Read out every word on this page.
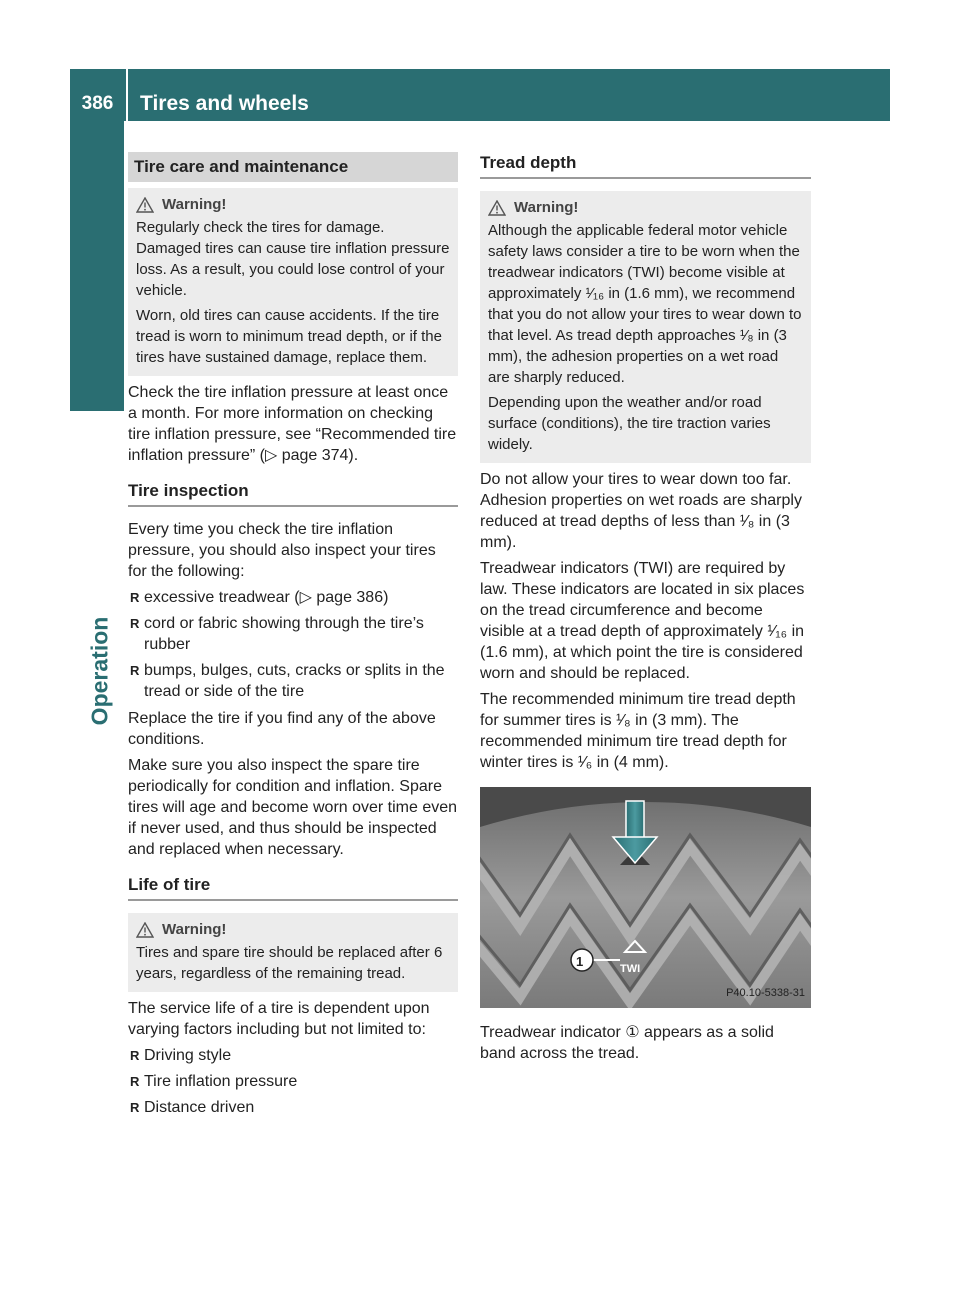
386	Tires and wheels
Operation
Tire care and maintenance
Warning!

Regularly check the tires for damage. Damaged tires can cause tire inflation pressure loss. As a result, you could lose control of your vehicle.

Worn, old tires can cause accidents. If the tire tread is worn to minimum tread depth, or if the tires have sustained damage, replace them.

Check the tire inflation pressure at least once a month. For more information on checking tire inflation pressure, see “Recommended tire inflation pressure” (▷ page 374).

Tire inspection

Every time you check the tire inflation pressure, you should also inspect your tires for the following:

R excessive treadwear (▷ page 386)
R cord or fabric showing through the tire’s rubber
R bumps, bulges, cuts, cracks or splits in the tread or side of the tire

Replace the tire if you find any of the above conditions.

Make sure you also inspect the spare tire periodically for condition and inflation. Spare tires will age and become worn over time even if never used, and thus should be inspected and replaced when necessary.

Life of tire
Warning!

Tires and spare tire should be replaced after 6 years, regardless of the remaining tread.

The service life of a tire is dependent upon varying factors including but not limited to:

R Driving style
R Tire inflation pressure
R Distance driven
Tread depth
Warning!

Although the applicable federal motor vehicle safety laws consider a tire to be worn when the treadwear indicators (TWI) become visible at approximately ¹⁄₁₆ in (1.6 mm), we recommend that you do not allow your tires to wear down to that level. As tread depth approaches ¹⁄₈ in (3 mm), the adhesion properties on a wet road are sharply reduced.

Depending upon the weather and/or road surface (conditions), the tire traction varies widely.

Do not allow your tires to wear down too far. Adhesion properties on wet roads are sharply reduced at tread depths of less than ¹⁄₈ in (3 mm).

Treadwear indicators (TWI) are required by law. These indicators are located in six places on the tread circumference and become visible at a tread depth of approximately ¹⁄₁₆ in (1.6 mm), at which point the tire is considered worn and should be replaced.

The recommended minimum tire tread depth for summer tires is ¹⁄₈ in (3 mm). The recommended minimum tire tread depth for winter tires is ¹⁄₆ in (4 mm).

1	TWI
P40.10-5338-31

Treadwear indicator ① appears as a solid band across the tread.
